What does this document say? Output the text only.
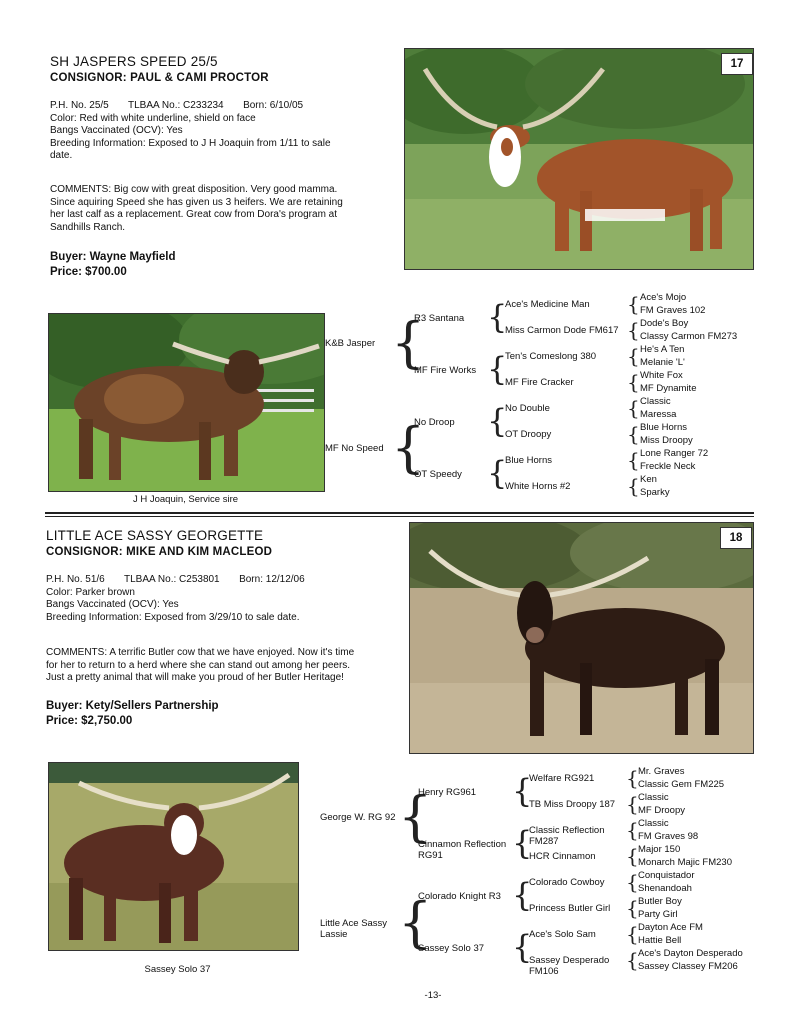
SH JASPERS SPEED 25/5
CONSIGNOR: PAUL & CAMI PROCTOR
P.H. No. 25/5       TLBAA No.: C233234       Born: 6/10/05
Color: Red with white underline, shield on face
Bangs Vaccinated (OCV): Yes
Breeding Information: Exposed to J H Joaquin from 1/11 to sale
date.
COMMENTS: Big cow with great disposition. Very good mamma.
Since aquiring Speed she has given us 3 heifers. We are retaining
her last calf as a replacement. Great cow from Dora's program at
Sandhills Ranch.
Buyer: Wayne Mayfield
Price: $700.00
17
J H Joaquin, Service sire
K&B Jasper
MF No Speed
{
{
R3 Santana
MF Fire Works
No Droop
OT Speedy
{
{
{
{
Ace's Medicine Man
Miss Carmon Dode FM617
Ten's Comeslong 380
MF Fire Cracker
No Double
OT Droopy
Blue Horns
White Horns #2
{
{
{
{
{
{
{
{
Ace's Mojo
FM Graves 102
Dode's Boy
Classy Carmon FM273
He's A Ten
Melanie 'L'
White Fox
MF Dynamite
Classic
Maressa
Blue Horns
Miss Droopy
Lone Ranger 72
Freckle Neck
Ken
Sparky
LITTLE ACE SASSY GEORGETTE
CONSIGNOR: MIKE AND KIM MACLEOD
P.H. No. 51/6       TLBAA No.: C253801       Born: 12/12/06
Color: Parker brown
Bangs Vaccinated (OCV): Yes
Breeding Information: Exposed from 3/29/10 to sale date.
COMMENTS: A terrific Butler cow that we have enjoyed. Now it's time
for her to return to a herd where she can stand out among her peers.
Just a pretty animal that will make you proud of her Butler Heritage!
Buyer: Kety/Sellers Partnership
Price: $2,750.00
18
Sassey Solo 37
George W. RG 92
Little Ace Sassy Lassie
{
{
Henry RG961
Cinnamon Reflection RG91
Colorado Knight R3
Sassey Solo 37
{
{
{
{
Welfare RG921
TB Miss Droopy 187
Classic Reflection FM287
HCR Cinnamon
Colorado Cowboy
Princess Butler Girl
Ace's Solo Sam
Sassey Desperado FM106
{
{
{
{
{
{
{
{
Mr. Graves
Classic Gem FM225
Classic
MF Droopy
Classic
FM Graves 98
Major 150
Monarch Majic FM230
Conquistador
Shenandoah
Butler Boy
Party Girl
Dayton Ace FM
Hattie Bell
Ace's Dayton Desperado
Sassey Classey FM206
-13-
